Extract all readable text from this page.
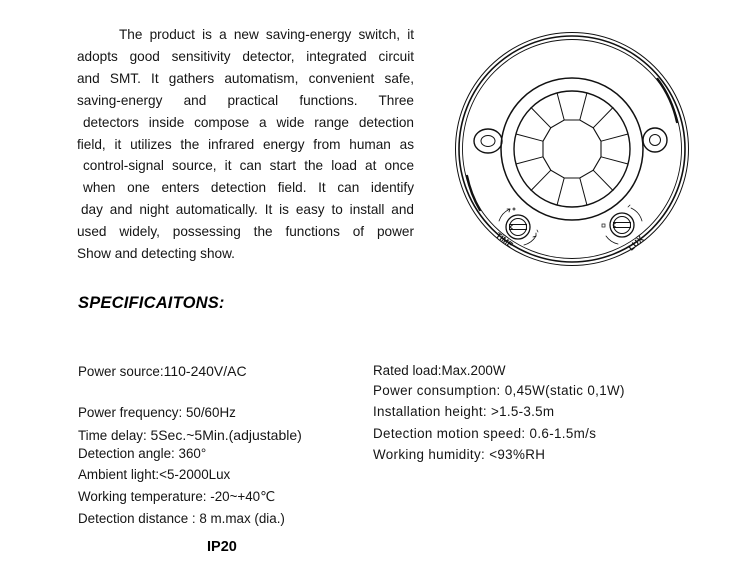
The product is a new saving-energy switch, it
adopts good sensitivity detector, integrated circuit
and SMT. It gathers automatism, convenient safe,
saving-energy and practical functions. Three
detectors inside compose a wide range detection
field, it utilizes the infrared energy from human as
control-signal source, it can start the load at once
when one enters detection field. It can identify
day and night automatically. It is easy to install and
used widely, possessing the functions of power
Show and detecting show.
TIME	LUX
SPECIFICAITONS:
Power source:110-240V/AC
Power frequency: 50/60Hz
Time delay: 5Sec.~5Min.(adjustable)
Detection angle: 360°
Ambient light:<5-2000Lux
Working temperature: -20~+40℃
Detection distance : 8 m.max (dia.)
Rated load:Max.200W
Power consumption: 0,45W(static 0,1W)
Installation height: >1.5-3.5m
Detection motion speed: 0.6-1.5m/s
Working humidity: <93%RH
IP20
